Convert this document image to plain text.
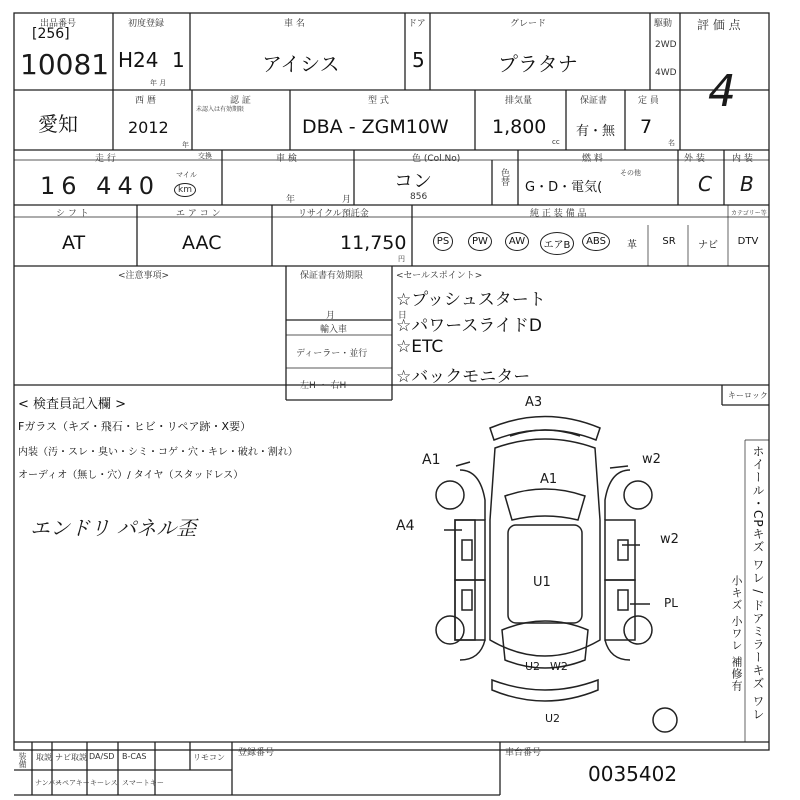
出品番号
[256]
10081
初度登録
H24 1
年 月
車 名
アイシス
ドア
5
グレード
プラタナ
駆動
2WD
4WD
評 価 点
4
愛知
西 暦
2012
年
認 証
未認入は有効期限
型 式
DBA - ZGM10W
排気量
1,800
cc
保証書
有・無
定 員
7
名
走 行
16 440 マイル
km
交換	車 検
年	月
色 (Col.No)
コン
856
色替
燃 料
G・D・電気(
その他
外 装
C
内 装
B
シ フ ト
AT
エ ア コ ン
AAC
リサイクル預託金
11,750
円
純 正 装 備 品	カテゴリー等
PS	PW	AW	エアB	ABS	革	SR	ナビ	DTV
<注意事項>	保証書有効期限
月 日
輸入車
ディーラー・並行
左H ・ 右H
<セールスポイント>
☆プッシュスタート
☆パワースライドD
☆ETC
☆バックモニター
< 検査員記入欄 >
Fガラス（キズ・飛石・ヒビ・リペア跡・X要）
内装（汚・スレ・臭い・シミ・コゲ・穴・キレ・破れ・割れ）
オーディオ（無し・穴）/ タイヤ（スタッドレス）
エンドリ パネル歪
キーロック
ホイール・CPキズ ワレ / ドアミラーキズ ワレ
小キズ 小ワレ 補修有
A3
A1
A1
A4
w2
w2
U1
PL
U2 W2
U2
装備 取説 ナビ取説 DA/SD B-CAS	リモコン
ナンバー
スペアキー キーレス スマートキー
登録番号	車台番号
0035402
